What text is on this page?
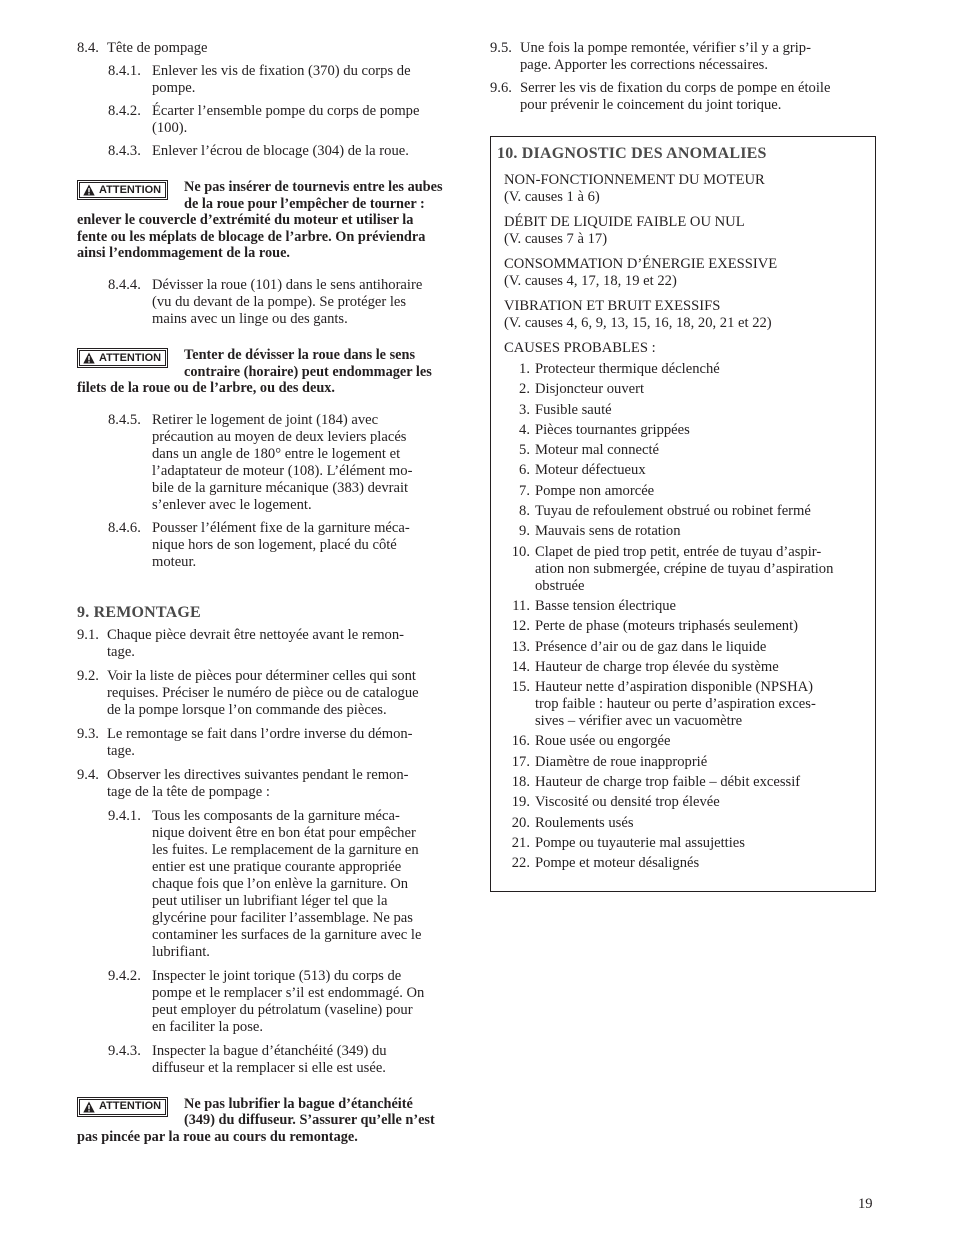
8.4. Tête de pompage
8.4.1. Enlever les vis de fixation (370) du corps de
pompe.
8.4.2. Écarter l’ensemble pompe du corps de pompe
(100).
8.4.3. Enlever l’écrou de blocage (304) de la roue.
ATTENTION	Ne pas insérer de tournevis entre les aubes
de la roue pour l’empêcher de tourner :
enlever le couvercle d’extrémité du moteur et utiliser la
fente ou les méplats de blocage de l’arbre. On préviendra
ainsi l’endommagement de la roue.
8.4.4. Dévisser la roue (101) dans le sens antihoraire
(vu du devant de la pompe). Se protéger les
mains avec un linge ou des gants.
ATTENTION	Tenter de dévisser la roue dans le sens
contraire (horaire) peut endommager les
filets de la roue ou de l’arbre, ou des deux.
8.4.5. Retirer le logement de joint (184) avec
précaution au moyen de deux leviers placés
dans un angle de 180° entre le logement et
l’adaptateur de moteur (108). L’élément mo-
bile de la garniture mécanique (383) devrait
s’enlever avec le logement.
8.4.6. Pousser l’élément fixe de la garniture méca-
nique hors de son logement, placé du côté
moteur.
9. REMONTAGE
9.1. Chaque pièce devrait être nettoyée avant le remon-
tage.
9.2. Voir la liste de pièces pour déterminer celles qui sont
requises. Préciser le numéro de pièce ou de catalogue
de la pompe lorsque l’on commande des pièces.
9.3. Le remontage se fait dans l’ordre inverse du démon-
tage.
9.4. Observer les directives suivantes pendant le remon-
tage de la tête de pompage :
9.4.1. Tous les composants de la garniture méca-
nique doivent être en bon état pour empêcher
les fuites. Le remplacement de la garniture en
entier est une pratique courante appropriée
chaque fois que l’on enlève la garniture. On
peut utiliser un lubrifiant léger tel que la
glycérine pour faciliter l’assemblage. Ne pas
contaminer les surfaces de la garniture avec le
lubrifiant.
9.4.2. Inspecter le joint torique (513) du corps de
pompe et le remplacer s’il est endommagé. On
peut employer du pétrolatum (vaseline) pour
en faciliter la pose.
9.4.3. Inspecter la bague d’étanchéité (349) du
diffuseur et la remplacer si elle est usée.
ATTENTION	Ne pas lubrifier la bague d’étanchéité
(349) du diffuseur. S’assurer qu’elle n’est
pas pincée par la roue au cours du remontage.
9.5. Une fois la pompe remontée, vérifier s’il y a grip-
page. Apporter les corrections nécessaires.
9.6. Serrer les vis de fixation du corps de pompe en étoile
pour prévenir le coincement du joint torique.
10. DIAGNOSTIC DES ANOMALIES
NON-FONCTIONNEMENT DU MOTEUR
(V. causes 1 à 6)
DÉBIT DE LIQUIDE FAIBLE OU NUL
(V. causes 7 à 17)
CONSOMMATION D’ÉNERGIE EXESSIVE
(V. causes 4, 17, 18, 19 et 22)
VIBRATION ET BRUIT EXESSIFS
(V. causes 4, 6, 9, 13, 15, 16, 18, 20, 21 et 22)
CAUSES PROBABLES :
1. Protecteur thermique déclenché
2. Disjoncteur ouvert
3. Fusible sauté
4. Pièces tournantes grippées
5. Moteur mal connecté
6. Moteur défectueux
7. Pompe non amorcée
8. Tuyau de refoulement obstrué ou robinet fermé
9. Mauvais sens de rotation
10. Clapet de pied trop petit, entrée de tuyau d’aspir-
ation non submergée, crépine de tuyau d’aspiration
obstruée
11. Basse tension électrique
12. Perte de phase (moteurs triphasés seulement)
13. Présence d’air ou de gaz dans le liquide
14. Hauteur de charge trop élevée du système
15. Hauteur nette d’aspiration disponible (NPSHA)
trop faible : hauteur ou perte d’aspiration exces-
sives – vérifier avec un vacuomètre
16. Roue usée ou engorgée
17. Diamètre de roue inapproprié
18. Hauteur de charge trop faible – débit excessif
19. Viscosité ou densité trop élevée
20. Roulements usés
21. Pompe ou tuyauterie mal assujetties
22. Pompe et moteur désalignés
19
